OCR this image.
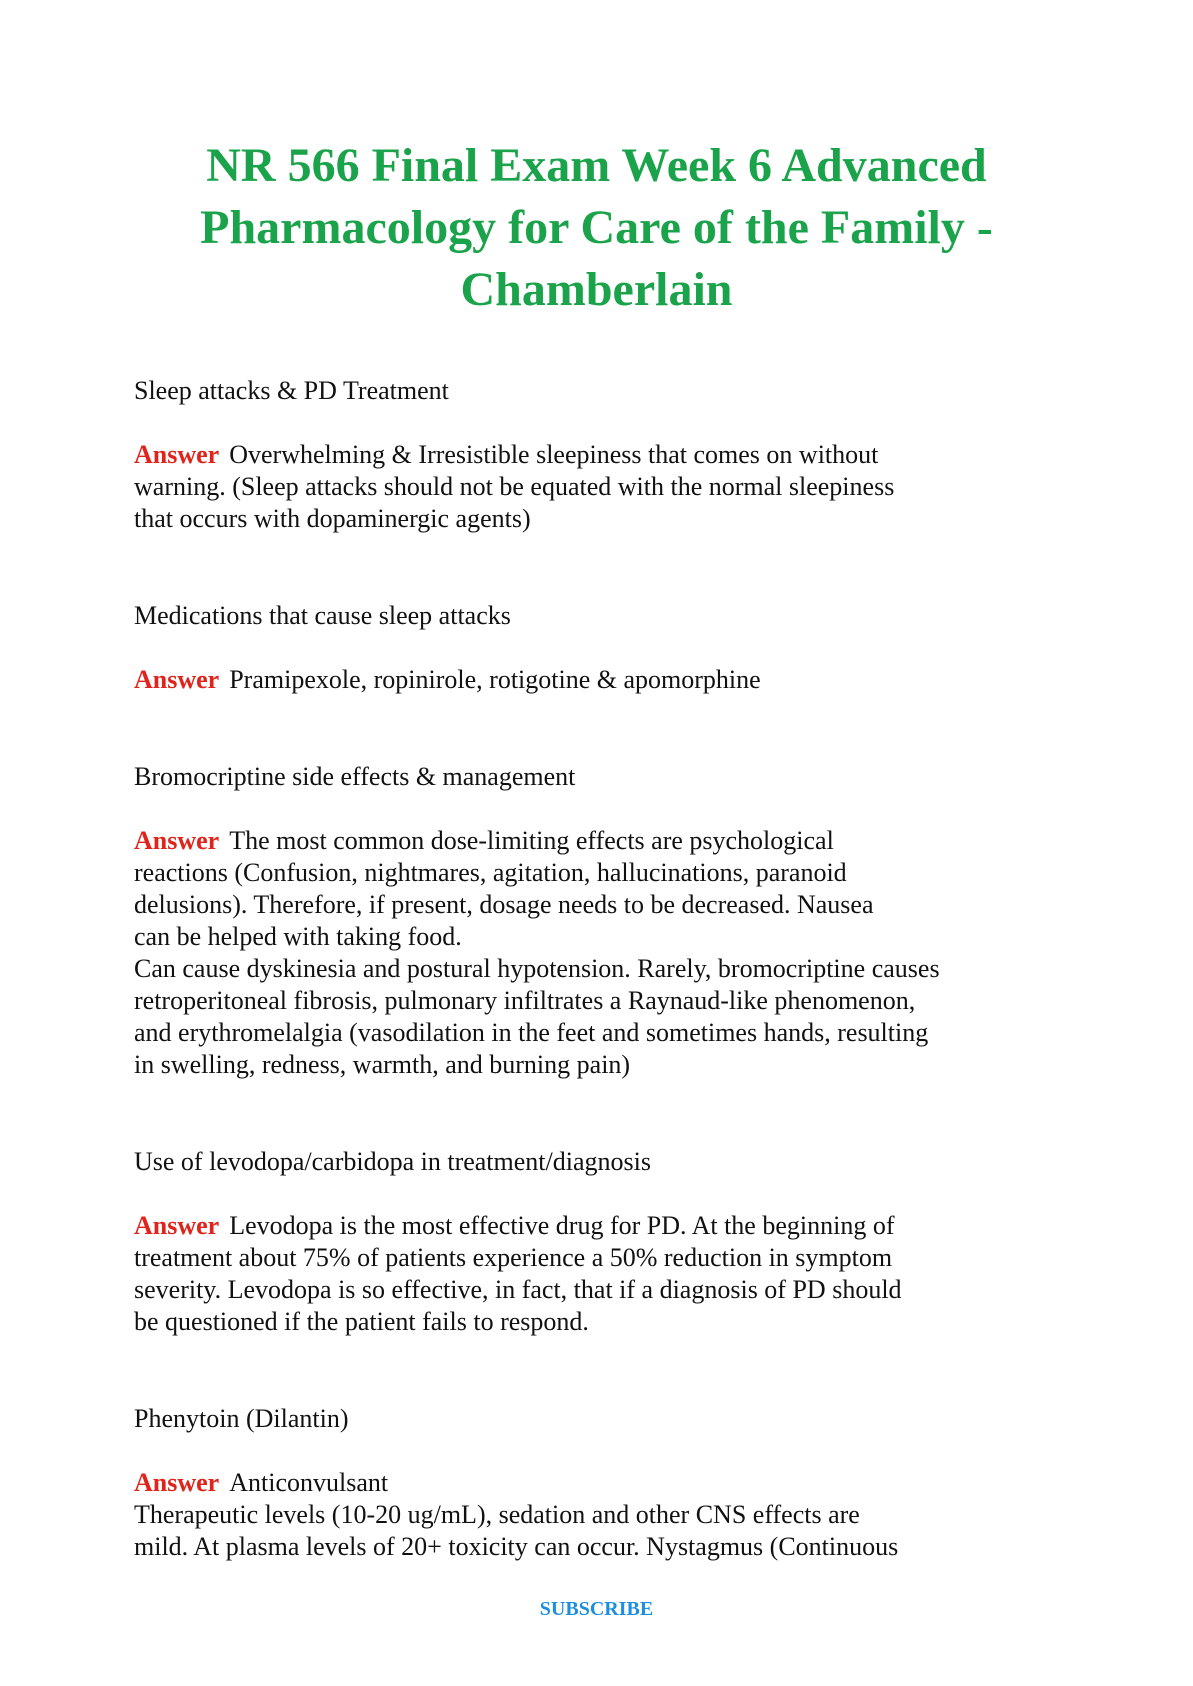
NR 566 Final Exam Week 6 Advanced
Pharmacology for Care of the Family -
Chamberlain

Sleep attacks & PD Treatment

Answer Overwhelming & Irresistible sleepiness that comes on without
warning. (Sleep attacks should not be equated with the normal sleepiness
that occurs with dopaminergic agents)

Medications that cause sleep attacks

Answer Pramipexole, ropinirole, rotigotine & apomorphine

Bromocriptine side effects & management

Answer The most common dose-limiting effects are psychological
reactions (Confusion, nightmares, agitation, hallucinations, paranoid
delusions). Therefore, if present, dosage needs to be decreased. Nausea
can be helped with taking food.
Can cause dyskinesia and postural hypotension. Rarely, bromocriptine causes
retroperitoneal fibrosis, pulmonary infiltrates a Raynaud-like phenomenon,
and erythromelalgia (vasodilation in the feet and sometimes hands, resulting
in swelling, redness, warmth, and burning pain)

Use of levodopa/carbidopa in treatment/diagnosis

Answer Levodopa is the most effective drug for PD. At the beginning of
treatment about 75% of patients experience a 50% reduction in symptom
severity. Levodopa is so effective, in fact, that if a diagnosis of PD should
be questioned if the patient fails to respond.

Phenytoin (Dilantin)

Answer Anticonvulsant
Therapeutic levels (10-20 ug/mL), sedation and other CNS effects are
mild. At plasma levels of 20+ toxicity can occur. Nystagmus (Continuous

SUBSCRIBE
